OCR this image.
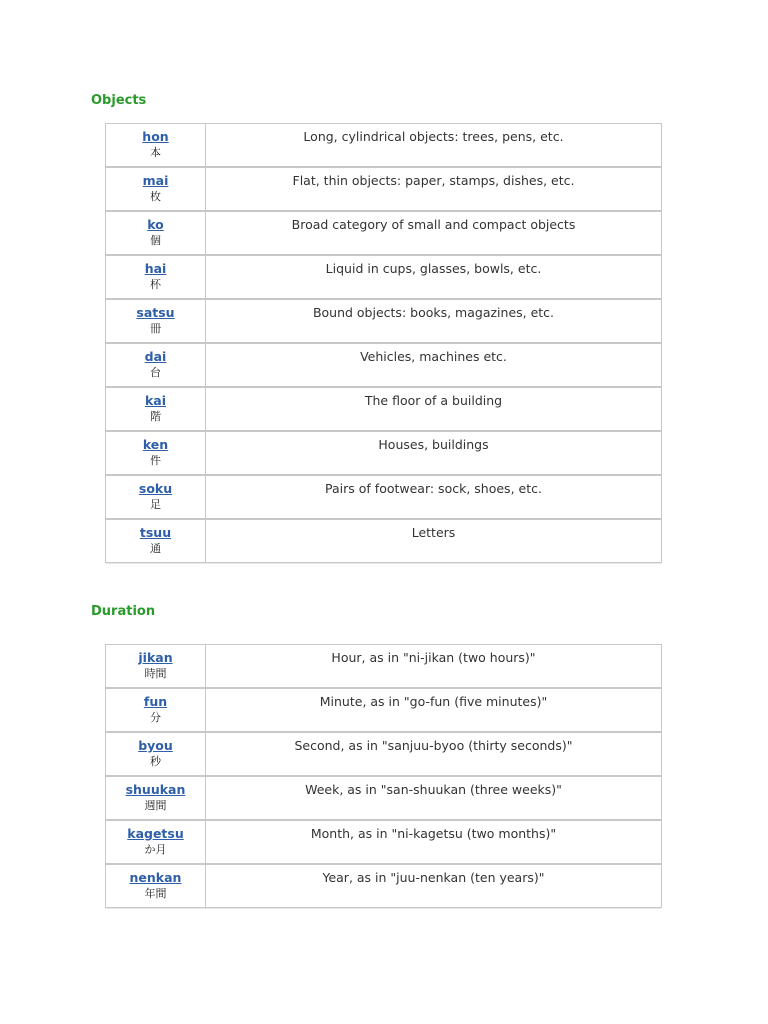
Objects
hon
本
Long, cylindrical objects: trees, pens, etc.
mai
枚
Flat, thin objects: paper, stamps, dishes, etc.
ko
個
Broad category of small and compact objects
hai
杯
Liquid in cups, glasses, bowls, etc.
satsu
冊
Bound objects: books, magazines, etc.
dai
台
Vehicles, machines etc.
kai
階
The floor of a building
ken
件
Houses, buildings
soku
足
Pairs of footwear: sock, shoes, etc.
tsuu
通
Letters
Duration
jikan
時間
Hour, as in "ni-jikan (two hours)"
fun
分
Minute, as in "go-fun (five minutes)"
byou
秒
Second, as in "sanjuu-byoo (thirty seconds)"
shuukan
週間
Week, as in "san-shuukan (three weeks)"
kagetsu
か月
Month, as in "ni-kagetsu (two months)"
nenkan
年間
Year, as in "juu-nenkan (ten years)"
